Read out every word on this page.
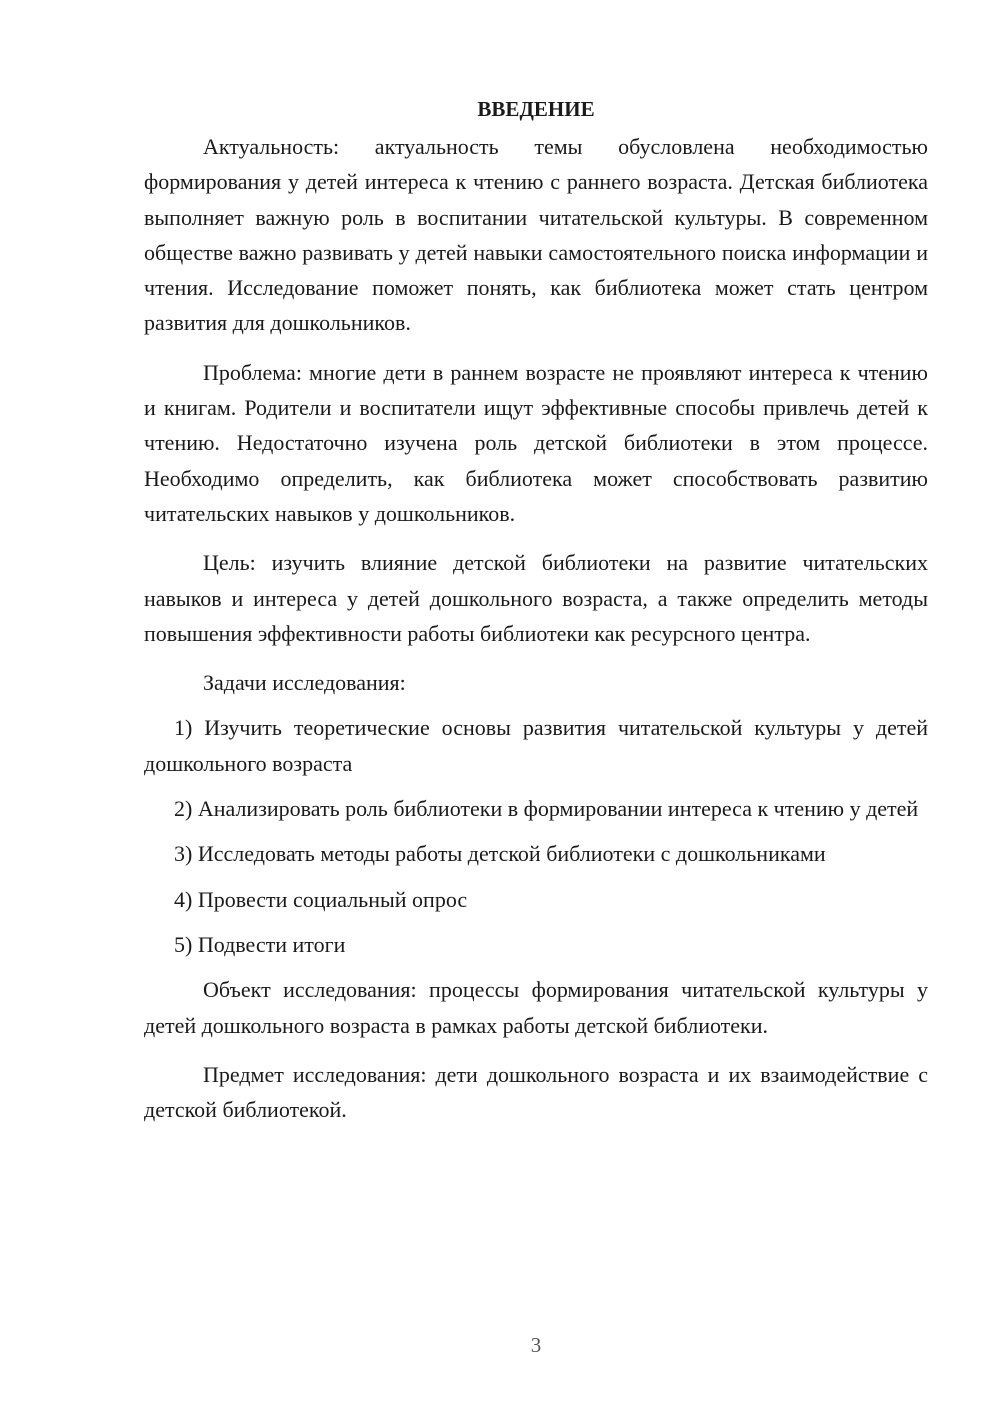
ВВЕДЕНИЕ

Актуальность: актуальность темы обусловлена необходимостью формирования у детей интереса к чтению с раннего возраста. Детская библиотека выполняет важную роль в воспитании читательской культуры. В современном обществе важно развивать у детей навыки самостоятельного поиска информации и чтения. Исследование поможет понять, как библиотека может стать центром развития для дошкольников.

Проблема: многие дети в раннем возрасте не проявляют интереса к чтению и книгам. Родители и воспитатели ищут эффективные способы привлечь детей к чтению. Недостаточно изучена роль детской библиотеки в этом процессе. Необходимо определить, как библиотека может способствовать развитию читательских навыков у дошкольников.

Цель: изучить влияние детской библиотеки на развитие читательских навыков и интереса у детей дошкольного возраста, а также определить методы повышения эффективности работы библиотеки как ресурсного центра.

Задачи исследования:

1) Изучить теоретические основы развития читательской культуры у детей дошкольного возраста

2) Анализировать роль библиотеки в формировании интереса к чтению у детей

3) Исследовать методы работы детской библиотеки с дошкольниками

4) Провести социальный опрос

5) Подвести итоги

Объект исследования: процессы формирования читательской культуры у детей дошкольного возраста в рамках работы детской библиотеки.

Предмет исследования: дети дошкольного возраста и их взаимодействие с детской библиотекой.

3
